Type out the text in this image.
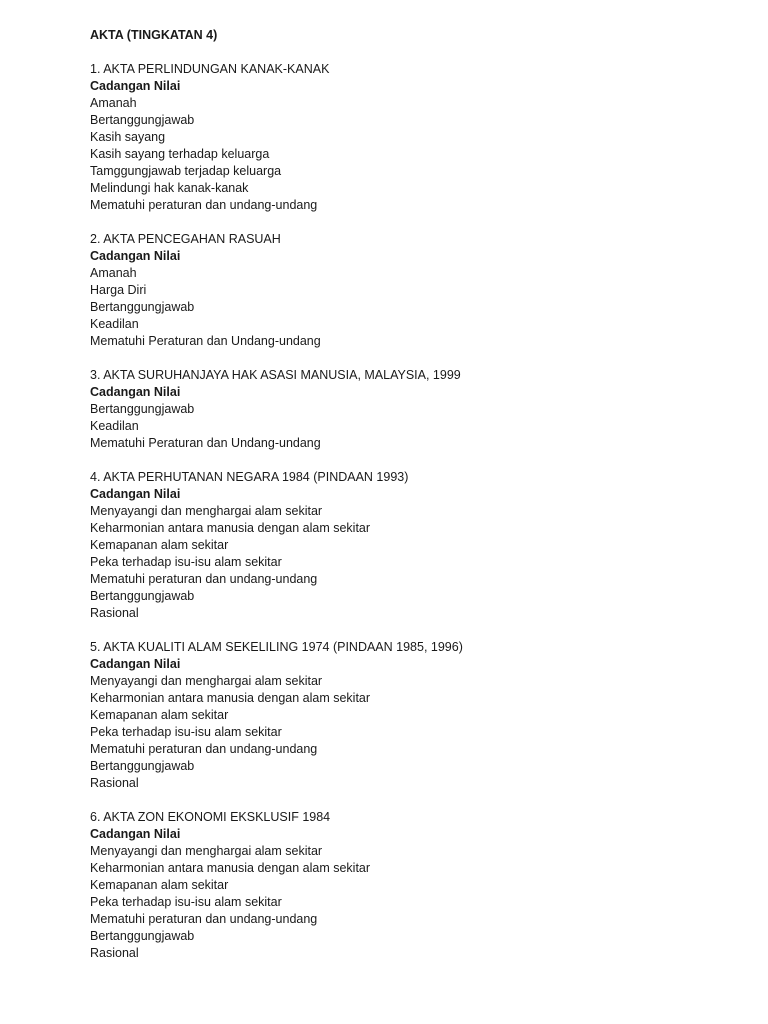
AKTA (TINGKATAN 4)
1. AKTA PERLINDUNGAN KANAK-KANAK
Cadangan Nilai
Amanah
Bertanggungjawab
Kasih sayang
Kasih sayang terhadap keluarga
Tamggungjawab terjadap keluarga
Melindungi hak kanak-kanak
Mematuhi peraturan dan undang-undang
2. AKTA PENCEGAHAN RASUAH
Cadangan Nilai
Amanah
Harga Diri
Bertanggungjawab
Keadilan
Mematuhi Peraturan dan Undang-undang
3. AKTA SURUHANJAYA HAK ASASI MANUSIA, MALAYSIA, 1999
Cadangan Nilai
Bertanggungjawab
Keadilan
Mematuhi Peraturan dan Undang-undang
4. AKTA PERHUTANAN NEGARA 1984 (PINDAAN 1993)
Cadangan Nilai
Menyayangi dan menghargai alam sekitar
Keharmonian antara manusia dengan alam sekitar
Kemapanan alam sekitar
Peka terhadap isu-isu alam sekitar
Mematuhi peraturan dan undang-undang
Bertanggungjawab
Rasional
5. AKTA KUALITI ALAM SEKELILING 1974 (PINDAAN 1985, 1996)
Cadangan Nilai
Menyayangi dan menghargai alam sekitar
Keharmonian antara manusia dengan alam sekitar
Kemapanan alam sekitar
Peka terhadap isu-isu alam sekitar
Mematuhi peraturan dan undang-undang
Bertanggungjawab
Rasional
6. AKTA ZON EKONOMI EKSKLUSIF 1984
Cadangan Nilai
Menyayangi dan menghargai alam sekitar
Keharmonian antara manusia dengan alam sekitar
Kemapanan alam sekitar
Peka terhadap isu-isu alam sekitar
Mematuhi peraturan dan undang-undang
Bertanggungjawab
Rasional
